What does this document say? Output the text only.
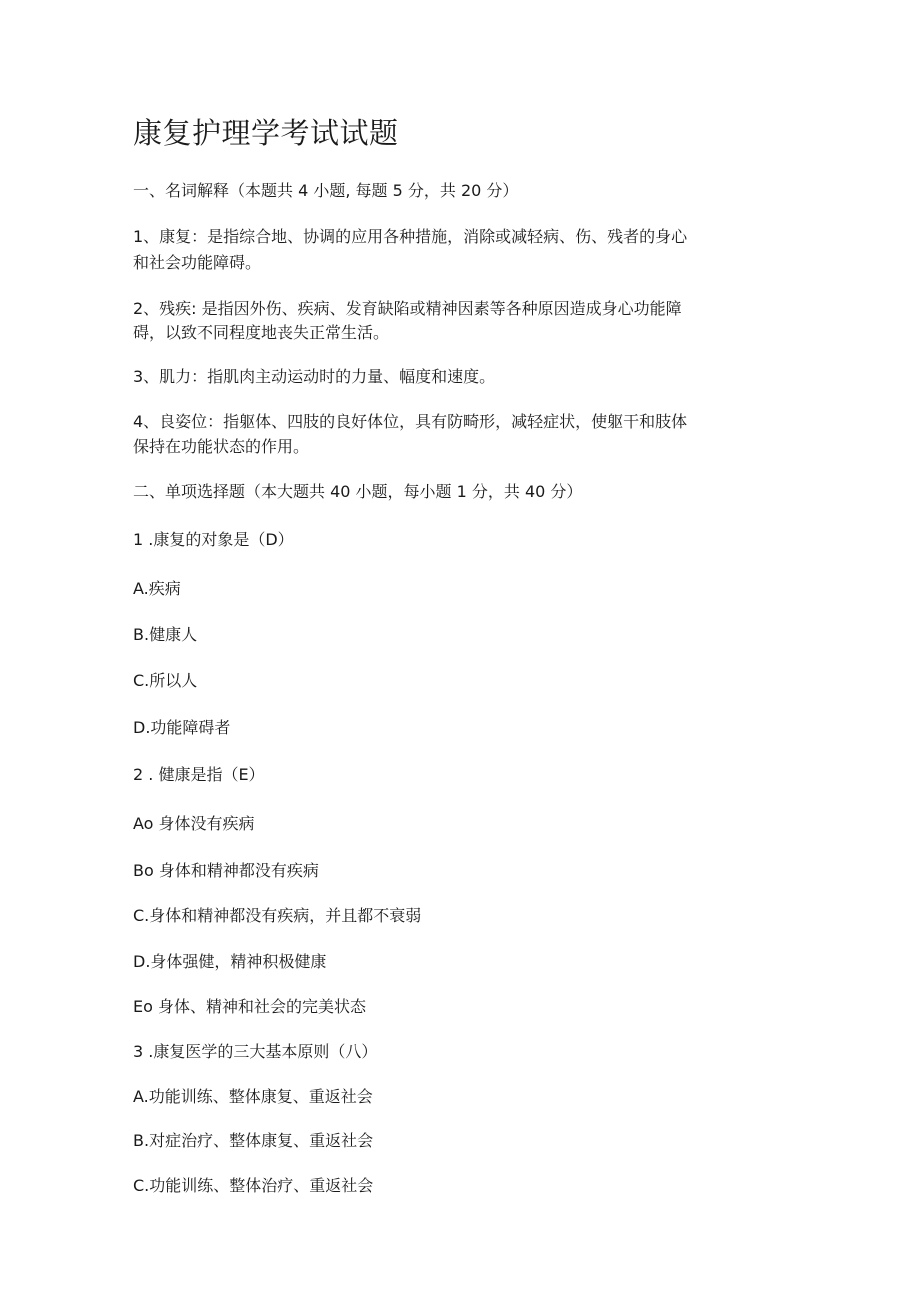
康复护理学考试试题
一、名词解释（本题共 4 小题, 每题 5 分，共 20 分）
1、康复：是指综合地、协调的应用各种措施，消除或减轻病、伤、残者的身心
和社会功能障碍。
2、残疾: 是指因外伤、疾病、发育缺陷或精神因素等各种原因造成身心功能障
碍，以致不同程度地丧失正常生活。
3、肌力：指肌肉主动运动时的力量、幅度和速度。
4、良姿位：指躯体、四肢的良好体位，具有防畸形，减轻症状，使躯干和肢体
保持在功能状态的作用。
二、单项选择题（本大题共 40 小题，每小题 1 分，共 40 分）
1 .康复的对象是（D）
A.疾病
B.健康人
C.所以人
D.功能障碍者
2 . 健康是指（E）
Ao 身体没有疾病
Bo 身体和精神都没有疾病
C.身体和精神都没有疾病，并且都不衰弱
D.身体强健，精神积极健康
Eo 身体、精神和社会的完美状态
3 .康复医学的三大基本原则（八）
A.功能训练、整体康复、重返社会
B.对症治疗、整体康复、重返社会
C.功能训练、整体治疗、重返社会
